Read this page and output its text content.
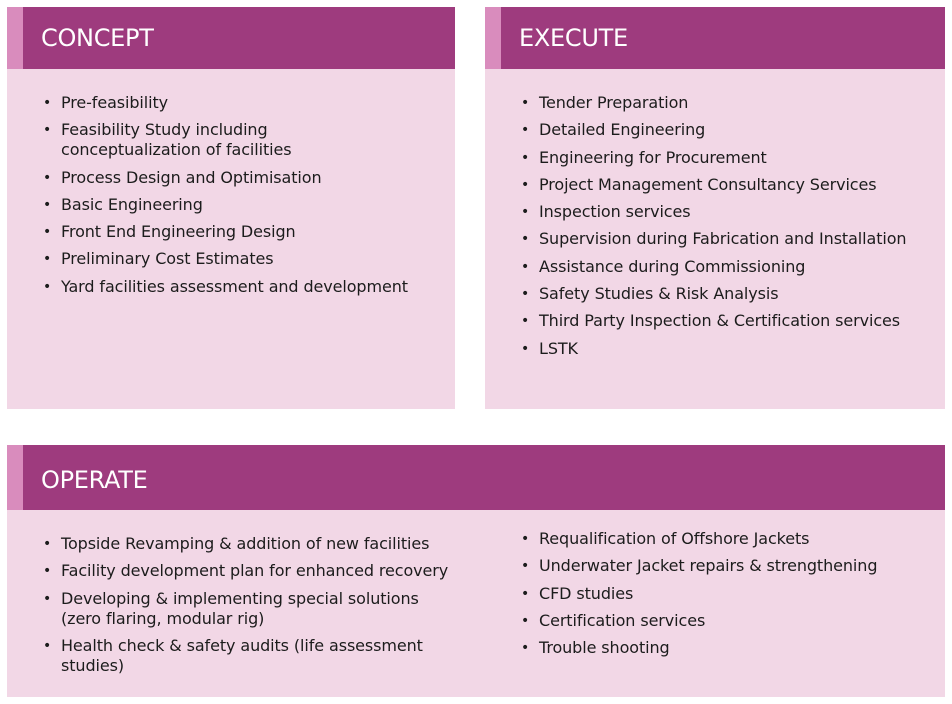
CONCEPT
• Pre-feasibility
• Feasibility Study including conceptualization of facilities
• Process Design and Optimisation
• Basic Engineering
• Front End Engineering Design
• Preliminary Cost Estimates
• Yard facilities assessment and development
EXECUTE
• Tender Preparation
• Detailed Engineering
• Engineering for Procurement
• Project Management Consultancy Services
• Inspection services
• Supervision during Fabrication and Installation
• Assistance during Commissioning
• Safety Studies & Risk Analysis
• Third Party Inspection & Certification services
• LSTK
OPERATE
• Topside Revamping & addition of new facilities
• Facility development plan for enhanced recovery
• Developing & implementing special solutions (zero flaring, modular rig)
• Health check & safety audits (life assessment studies)
• Requalification of Offshore Jackets
• Underwater Jacket repairs & strengthening
• CFD studies
• Certification services
• Trouble shooting
